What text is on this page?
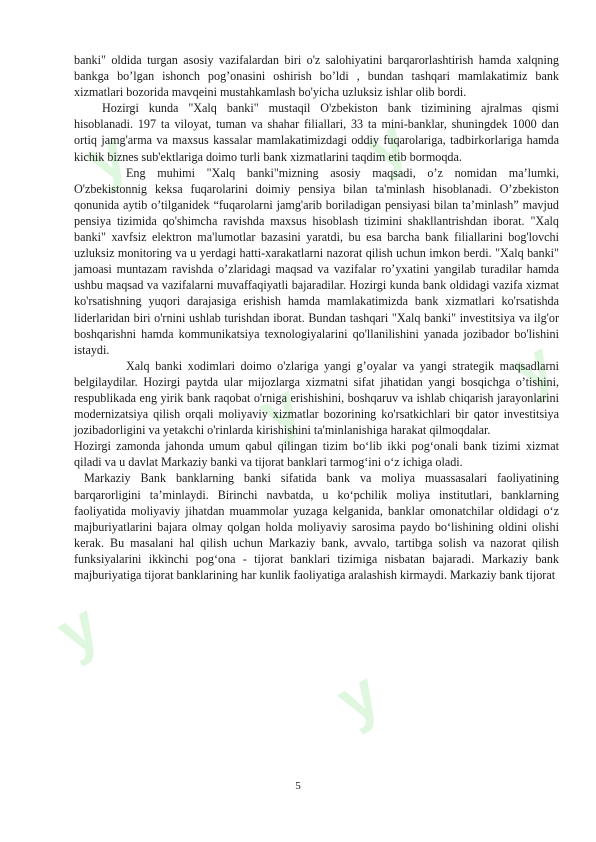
y	y
y
y
y
y

banki" oldida turgan asosiy vazifalardan biri o'z salohiyatini barqarorlashtirish hamda xalqning bankga bo’lgan ishonch pog’onasini oshirish bo’ldi , bundan tashqari mamlakatimiz bank xizmatlari bozorida mavqeini mustahkamlash bo'yicha uzluksiz ishlar olib bordi.

Hozirgi kunda "Xalq banki" mustaqil O'zbekiston bank tizimining ajralmas qismi hisoblanadi. 197 ta viloyat, tuman va shahar filiallari, 33 ta mini-banklar, shuningdek 1000 dan ortiq jamg'arma va maxsus kassalar mamlakatimizdagi oddiy fuqarolariga, tadbirkorlariga hamda kichik biznes sub'ektlariga doimo turli bank xizmatlarini taqdim etib bormoqda.

Eng muhimi "Xalq banki"mizning asosiy maqsadi, o’z nomidan ma’lumki, O'zbekistonnig keksa fuqarolarini doimiy pensiya bilan ta'minlash hisoblanadi. O’zbekiston qonunida aytib o’tilganidek “fuqarolarni jamg'arib boriladigan pensiyasi bilan ta’minlash” mavjud pensiya tizimida qo'shimcha ravishda maxsus hisoblash tizimini shakllantrishdan iborat. "Xalq banki" xavfsiz elektron ma'lumotlar bazasini yaratdi, bu esa barcha bank filiallarini bog'lovchi uzluksiz monitoring va u yerdagi hatti-xarakatlarni nazorat qilish uchun imkon berdi. "Xalq banki" jamoasi muntazam ravishda o’zlaridagi maqsad va vazifalar ro’yxatini yangilab turadilar hamda ushbu maqsad va vazifalarni muvaffaqiyatli bajaradilar. Hozirgi kunda bank oldidagi vazifa xizmat ko'rsatishning yuqori darajasiga erishish hamda mamlakatimizda bank xizmatlari ko'rsatishda liderlaridan biri o'rnini ushlab turishdan iborat. Bundan tashqari "Xalq banki" investitsiya va ilg'or boshqarishni hamda kommunikatsiya texnologiyalarini qo'llanilishini yanada jozibador bo'lishini istaydi.

Xalq banki xodimlari doimo o'zlariga yangi g’oyalar va yangi strategik maqsadlarni belgilaydilar. Hozirgi paytda ular mijozlarga xizmatni sifat jihatidan yangi bosqichga o’tishini, respublikada eng yirik bank raqobat o'rniga erishishini, boshqaruv va ishlab chiqarish jarayonlarini modernizatsiya qilish orqali moliyaviy xizmatlar bozorining ko'rsatkichlari bir qator investitsiya jozibadorligini va yetakchi o'rinlarda kirishishini ta'minlanishiga harakat qilmoqdalar.

Hozirgi zamonda jahonda umum qabul qilingan tizim bo‘lib ikki pog‘onali bank tizimi xizmat qiladi va u davlat Markaziy banki va tijorat banklari tarmog‘ini o‘z ichiga oladi.

Markaziy Bank banklarning banki sifatida bank va moliya muassasalari faoliyatining barqarorligini ta’minlaydi. Birinchi navbatda, u ko‘pchilik moliya institutlari, banklarning faoliyatida moliyaviy jihatdan muammolar yuzaga kelganida, banklar omonatchilar oldidagi o‘z majburiyatlarini bajara olmay qolgan holda moliyaviy sarosima paydo bo‘lishining oldini olishi kerak. Bu masalani hal qilish uchun Markaziy bank, avvalo, tartibga solish va nazorat qilish funksiyalarini ikkinchi pog‘ona - tijorat banklari tizimiga nisbatan bajaradi. Markaziy bank majburiyatiga tijorat banklarining har kunlik faoliyatiga aralashish kirmaydi. Markaziy bank tijorat

5
